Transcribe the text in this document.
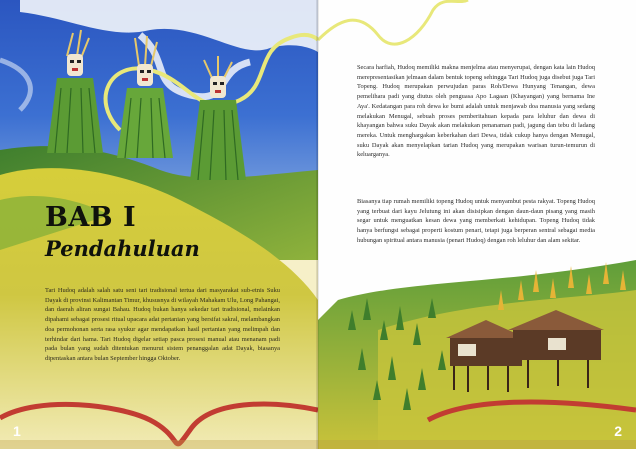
BAB I
Pendahuluan
Tari Hudoq adalah salah satu seni tari tradisional tertua dari masyarakat sub-etnis Suku Dayak di provinsi Kalimantan Timur, khususnya di wilayah Mahakam Ulu, Long Pahangai, dan daerah aliran sungai Bahau. Hudoq bukan hanya sekedar tari tradisional, melainkan dipahami sebagai prosesi ritual upacara adat pertanian yang bersifat sakral, melambangkan doa permohonan serta rasa syukur agar mendapatkan hasil pertanian yang melimpah dan terhindar dari hama. Tari Hudoq digelar setiap pasca prosesi manual atau menanam padi pada bulan yang sudah ditentukan menurut sistem penanggalan adat Dayak, biasanya dipentaskan antara bulan September hingga Oktober.
1
Secara harfiah, Hudoq memiliki makna menjelma atau menyerupai, dengan kata lain Hudoq merepresentasikan jelmaan dalam bentuk topeng sehingga Tari Hudoq juga disebut juga Tari Topeng. Hudoq merupakan perwujudan paras Roh/Dewa Hunyang Tenangan, dewa pemelihara padi yang diutus oleh penguasa Apo Lagaan (Khayangan) yang bernama Ine Aya'. Kedatangan para roh dewa ke bumi adalah untuk menjawab doa manusia yang sedang melakukan Menugal, sebuah proses pemberitahuan kepada para leluhur dan dewa di khayangan bahwa suku Dayak akan melakukan penanaman padi, jagung dan tebu di ladang mereka. Untuk menghargakan keberkahan dari Dewa, tidak cukup hanya dengan Menugal, suku Dayak akan menyelapkan tarian Hudoq yang merupakan warisan turun-temurun di keluarganya.
Biasanya tiap rumah memiliki topeng Hudoq untuk menyambut pesta rakyat. Topeng Hudoq yang terbuat dari kayu Jelutung ini akan disisipkan dengan daun-daun pisang yang masih segar untuk menguatkan kesan dewa yang memberkati kehidupan. Topeng Hudoq tidak hanya berfungsi sebagai properti kostum penari, tetapi juga berperan sentral sebagai media hubungan spiritual antara manusia (penari Hudoq) dengan roh leluhur dan alam sekitar.
2
